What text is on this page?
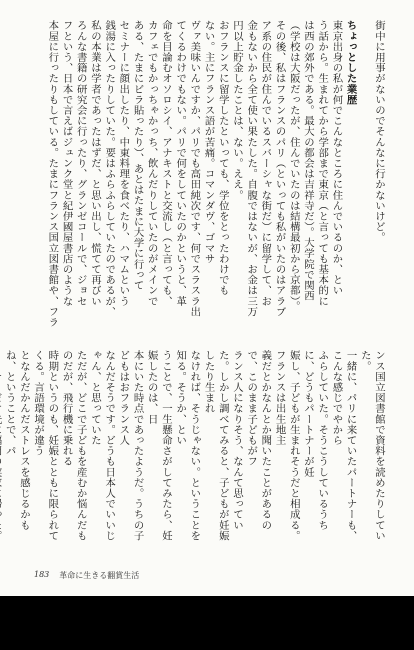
街中に用事がないのでそんなに行かないけど。

ちょっとした業歴
東京出身の私が何でこんなところに住んでいるのか、とい
う話から。生まれてから学部まで東京（と言っても基本的に
は西の郊外である。最大の都会は吉祥寺だ）。大学院で関西
（学校は大阪だったが、住んでいたのは結構最初から京都）。
その後、私はフランスのパリ（といっても私がいたのはアラブ
ア系の住民が住んでいるスバーシャな街だ）に留学して、お
金もないから全て使い果たした。自腹ではないが、お金は三万
円以上貯金したことは、ない。ええ。
おフランスに留学したといっても、学位をとったわけでも
ない。主にフランス語が苦痛。コマンダヴ、ゴマサ
ヴァ美味いんですか、パリでも高田純次です、何でスラスラ出
てくるわけでもない。パリで何をしていたのかというと、革
命を目論むオソロシイ、アナキストと交流し（と言っても、
カフェでもかっちゃかっち、飲んだりしていたのがメインで
ある、たまにビラ貼ったり）、あとはたまに大学に行って
セミナーに顔出したり、中東料理を食べたり、ハマムという
銭湯に入ったりしていた。要はふらふらしていたのであるが、
私の本業は学者であったはずだ、と思い出し、慌てて再びい
ろんな書籍の研究会に行ったり、グランゼコールで、ジョセ
フという、日本で言えばジュンク堂と紀伊國屋書店のような
本屋に行ったりもしている。たまにフランス国立図書館や、フラ
ンス国立図書館で資料を読めたりしていた。
一緒に、パリに来ていたパートナーも、こんな感じでやから
ふらしていた。そうこうしているうちに、どうもパートナーが妊
娠し、子どもが生まれそうだと相成る。フランスは出生地主
義だとかなんとか聞いたことがあるので、このまま子どもがフ
ランス人になりそう、なんて思っていた。しかし調べてみると、子どもが妊娠したり生まれ
なければ、そうじゃない。ということを知る。そうか、とい
うことで、一生懸命さがしてみたら、妊娠したのは、日
本にいた時点であったようだ。うちの子どもはおフランス人
なんだそうです。どうも日本人でいいじゃん、と思っていた
ただが、どこで子どもを産むか悩んだものだが、飛行機に乗れる
時期というのも、妊娠とともに限られてくる。言語環境が違う
となんだかんだストレスを感じるかもね、ということで、パ
183 革命に生きる翻賞生活
